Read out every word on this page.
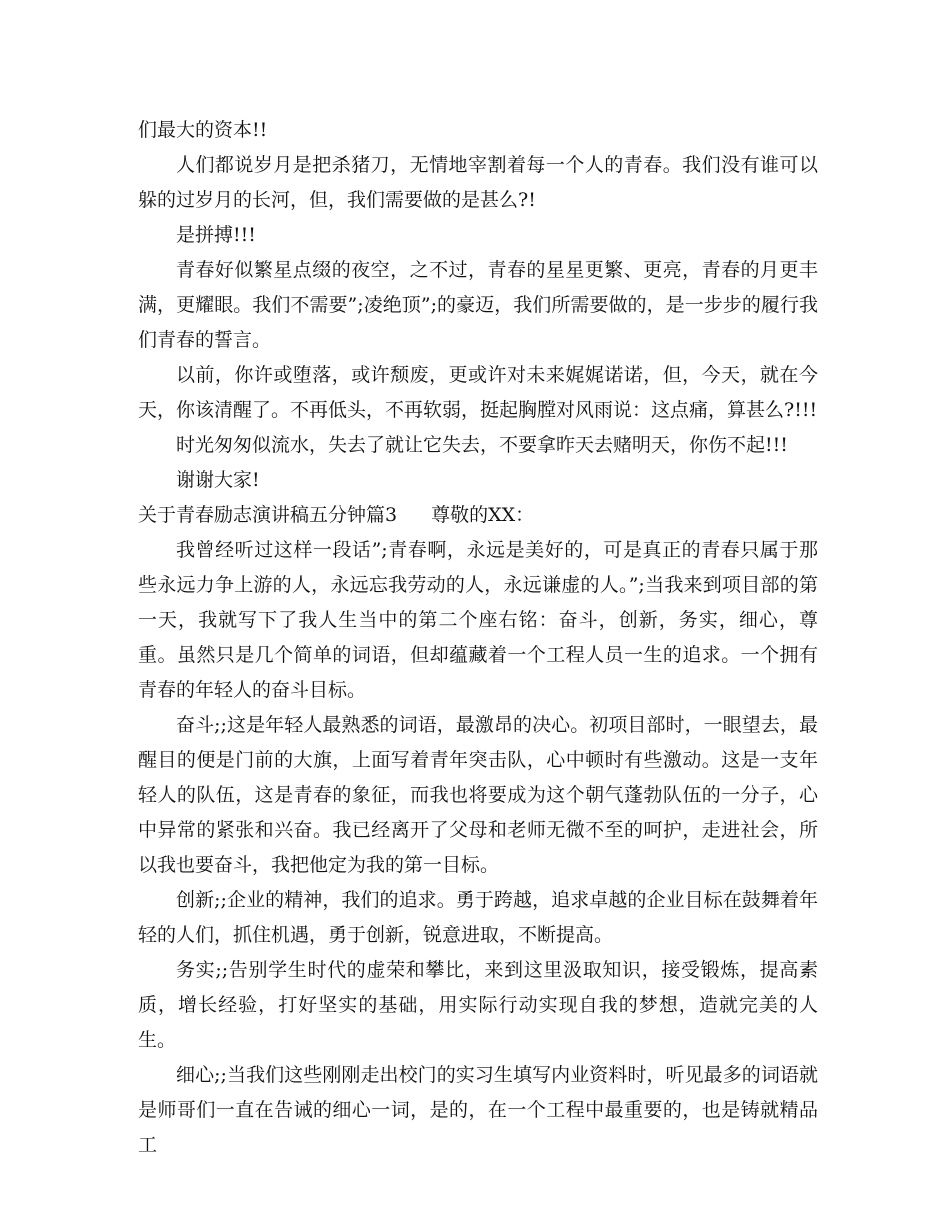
们最大的资本!!

人们都说岁月是把杀猪刀，无情地宰割着每一个人的青春。我们没有谁可以躲的过岁月的长河，但，我们需要做的是甚么?!

是拼搏!!!

青春好似繁星点缀的夜空，之不过，青春的星星更繁、更亮，青春的月更丰满，更耀眼。我们不需要”;凌绝顶”;的豪迈，我们所需要做的，是一步步的履行我们青春的誓言。

以前，你许或堕落，或许颓废，更或许对未来娓娓诺诺，但，今天，就在今天，你该清醒了。不再低头，不再软弱，挺起胸膛对风雨说：这点痛，算甚么?!!!

时光匆匆似流水，失去了就让它失去，不要拿昨天去赌明天，你伤不起!!!

谢谢大家!

关于青春励志演讲稿五分钟篇3 尊敬的XX：

我曾经听过这样一段话”;青春啊，永远是美好的，可是真正的青春只属于那些永远力争上游的人，永远忘我劳动的人，永远谦虚的人。”;当我来到项目部的第一天，我就写下了我人生当中的第二个座右铭：奋斗，创新，务实，细心，尊重。虽然只是几个简单的词语，但却蕴藏着一个工程人员一生的追求。一个拥有青春的年轻人的奋斗目标。

奋斗;;这是年轻人最熟悉的词语，最激昂的决心。初项目部时，一眼望去，最醒目的便是门前的大旗，上面写着青年突击队，心中顿时有些激动。这是一支年轻人的队伍，这是青春的象征，而我也将要成为这个朝气蓬勃队伍的一分子，心中异常的紧张和兴奋。我已经离开了父母和老师无微不至的呵护，走进社会，所以我也要奋斗，我把他定为我的第一目标。

创新;;企业的精神，我们的追求。勇于跨越，追求卓越的企业目标在鼓舞着年轻的人们，抓住机遇，勇于创新，锐意进取，不断提高。

务实;;告别学生时代的虚荣和攀比，来到这里汲取知识，接受锻炼，提高素质，增长经验，打好坚实的基础，用实际行动实现自我的梦想，造就完美的人生。

细心;;当我们这些刚刚走出校门的实习生填写内业资料时，听见最多的词语就是师哥们一直在告诫的细心一词，是的，在一个工程中最重要的，也是铸就精品工
